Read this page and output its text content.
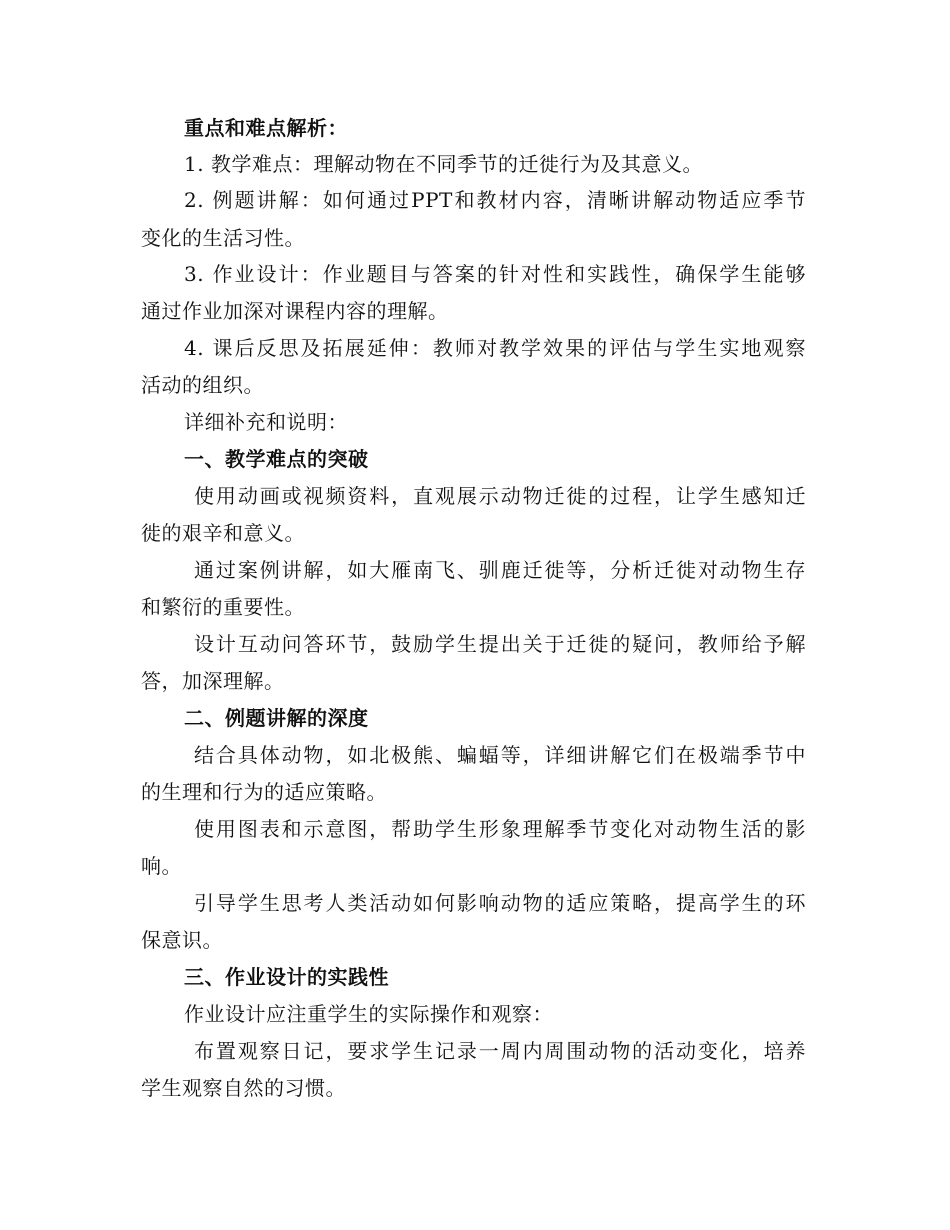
重点和难点解析：
1. 教学难点：理解动物在不同季节的迁徙行为及其意义。
2. 例题讲解：如何通过PPT和教材内容，清晰讲解动物适应季节
变化的生活习性。
3. 作业设计：作业题目与答案的针对性和实践性，确保学生能够
通过作业加深对课程内容的理解。
4. 课后反思及拓展延伸：教师对教学效果的评估与学生实地观察
活动的组织。
详细补充和说明：
一、教学难点的突破
使用动画或视频资料，直观展示动物迁徙的过程，让学生感知迁
徙的艰辛和意义。
通过案例讲解，如大雁南飞、驯鹿迁徙等，分析迁徙对动物生存
和繁衍的重要性。
设计互动问答环节，鼓励学生提出关于迁徙的疑问，教师给予解
答，加深理解。
二、例题讲解的深度
结合具体动物，如北极熊、蝙蝠等，详细讲解它们在极端季节中
的生理和行为的适应策略。
使用图表和示意图，帮助学生形象理解季节变化对动物生活的影
响。
引导学生思考人类活动如何影响动物的适应策略，提高学生的环
保意识。
三、作业设计的实践性
作业设计应注重学生的实际操作和观察：
布置观察日记，要求学生记录一周内周围动物的活动变化，培养
学生观察自然的习惯。
